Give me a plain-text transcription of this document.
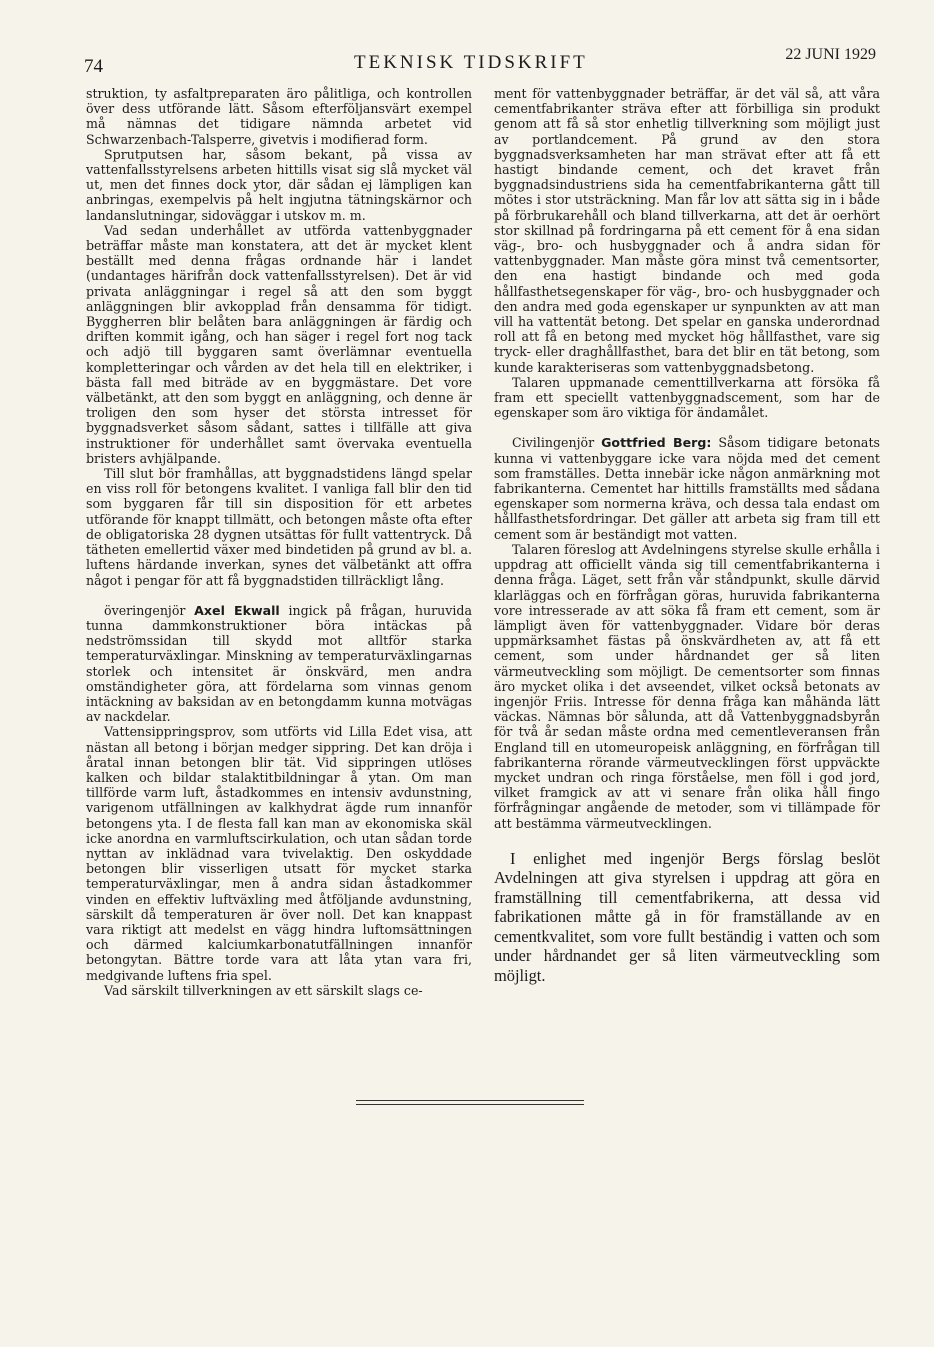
74	TEKNISK TIDSKRIFT	22 JUNI 1929

struktion, ty asfaltpreparaten äro pålitliga, och kontrollen över dess utförande lätt. Såsom efterföljansvärt exempel må nämnas det tidigare nämnda arbetet vid Schwarzenbach-Talsperre, givetvis i modifierad form.

Sprutputsen har, såsom bekant, på vissa av vattenfallsstyrelsens arbeten hittills visat sig slå mycket väl ut, men det finnes dock ytor, där sådan ej lämpligen kan anbringas, exempelvis på helt ingjutna tätningskärnor och landanslutningar, sidoväggar i utskov m. m.

Vad sedan underhållet av utförda vattenbyggnader beträffar måste man konstatera, att det är mycket klent beställt med denna frågas ordnande här i landet (undantages härifrån dock vattenfallsstyrelsen). Det är vid privata anläggningar i regel så att den som byggt anläggningen blir avkopplad från densamma för tidigt. Byggherren blir belåten bara anläggningen är färdig och driften kommit igång, och han säger i regel fort nog tack och adjö till byggaren samt överlämnar eventuella kompletteringar och vården av det hela till en elektriker, i bästa fall med biträde av en byggmästare. Det vore välbetänkt, att den som byggt en anläggning, och denne är troligen den som hyser det största intresset för byggnadsverket såsom sådant, sattes i tillfälle att giva instruktioner för underhållet samt övervaka eventuella bristers avhjälpande.

Till slut bör framhållas, att byggnadstidens längd spelar en viss roll för betongens kvalitet. I vanliga fall blir den tid som byggaren får till sin disposition för ett arbetes utförande för knappt tillmätt, och betongen måste ofta efter de obligatoriska 28 dygnen utsättas för fullt vattentryck. Då tätheten emellertid växer med bindetiden på grund av bl. a. luftens härdande inverkan, synes det välbetänkt att offra något i pengar för att få byggnadstiden tillräckligt lång.

överingenjör Axel Ekwall ingick på frågan, huruvida tunna dammkonstruktioner böra intäckas på nedströmssidan till skydd mot alltför starka temperaturväxlingar. Minskning av temperaturväxlingarnas storlek och intensitet är önskvärd, men andra omständigheter göra, att fördelarna som vinnas genom intäckning av baksidan av en betongdamm kunna motvägas av nackdelar.

Vattensippringsprov, som utförts vid Lilla Edet visa, att nästan all betong i början medger sippring. Det kan dröja i åratal innan betongen blir tät. Vid sippringen utlöses kalken och bildar stalaktitbildningar å ytan. Om man tillförde varm luft, åstadkommes en intensiv avdunstning, varigenom utfällningen av kalkhydrat ägde rum innanför betongens yta. I de flesta fall kan man av ekonomiska skäl icke anordna en varmluftscirkulation, och utan sådan torde nyttan av inklädnad vara tvivelaktig. Den oskyddade betongen blir visserligen utsatt för mycket starka temperaturväxlingar, men å andra sidan åstadkommer vinden en effektiv luftväxling med åtföljande avdunstning, särskilt då temperaturen är över noll. Det kan knappast vara riktigt att medelst en vägg hindra luftomsättningen och därmed kalciumkarbonatutfällningen innanför betongytan. Bättre torde vara att låta ytan vara fri, medgivande luftens fria spel.

Vad särskilt tillverkningen av ett särskilt slags ce-

ment för vattenbyggnader beträffar, är det väl så, att våra cementfabrikanter sträva efter att förbilliga sin produkt genom att få så stor enhetlig tillverkning som möjligt just av portlandcement. På grund av den stora byggnadsverksamheten har man strävat efter att få ett hastigt bindande cement, och det kravet från byggnadsindustriens sida ha cementfabrikanterna gått till mötes i stor utsträckning. Man får lov att sätta sig in i både på förbrukarehåll och bland tillverkarna, att det är oerhört stor skillnad på fordringarna på ett cement för å ena sidan väg-, bro- och husbyggnader och å andra sidan för vattenbyggnader. Man måste göra minst två cementsorter, den ena hastigt bindande och med goda hållfasthetsegenskaper för väg-, bro- och husbyggnader och den andra med goda egenskaper ur synpunkten av att man vill ha vattentät betong. Det spelar en ganska underordnad roll att få en betong med mycket hög hållfasthet, vare sig tryck- eller draghållfasthet, bara det blir en tät betong, som kunde karakteriseras som vattenbyggnadsbetong.

Talaren uppmanade cementtillverkarna att försöka få fram ett speciellt vattenbyggnadscement, som har de egenskaper som äro viktiga för ändamålet.

Civilingenjör Gottfried Berg: Såsom tidigare betonats kunna vi vattenbyggare icke vara nöjda med det cement som framställes. Detta innebär icke någon anmärkning mot fabrikanterna. Cementet har hittills framställts med sådana egenskaper som normerna kräva, och dessa tala endast om hållfasthetsfordringar. Det gäller att arbeta sig fram till ett cement som är beständigt mot vatten.

Talaren föreslog att Avdelningens styrelse skulle erhålla i uppdrag att officiellt vända sig till cementfabrikanterna i denna fråga. Läget, sett från vår ståndpunkt, skulle därvid klarläggas och en förfrågan göras, huruvida fabrikanterna vore intresserade av att söka få fram ett cement, som är lämpligt även för vattenbyggnader. Vidare bör deras uppmärksamhet fästas på önskvärdheten av, att få ett cement, som under hårdnandet ger så liten värmeutveckling som möjligt. De cementsorter som finnas äro mycket olika i det avseendet, vilket också betonats av ingenjör Friis. Intresse för denna fråga kan måhända lätt väckas. Nämnas bör sålunda, att då Vattenbyggnadsbyrån för två år sedan måste ordna med cementleveransen från England till en utomeuropeisk anläggning, en förfrågan till fabrikanterna rörande värmeutvecklingen först uppväckte mycket undran och ringa förståelse, men föll i god jord, vilket framgick av att vi senare från olika håll fingo förfrågningar angående de metoder, som vi tillämpade för att bestämma värmeutvecklingen.

I enlighet med ingenjör Bergs förslag beslöt Avdelningen att giva styrelsen i uppdrag att göra en framställning till cementfabrikerna, att dessa vid fabrikationen måtte gå in för framställande av en cementkvalitet, som vore fullt beständig i vatten och som under hårdnandet ger så liten värmeutveckling som möjligt.
